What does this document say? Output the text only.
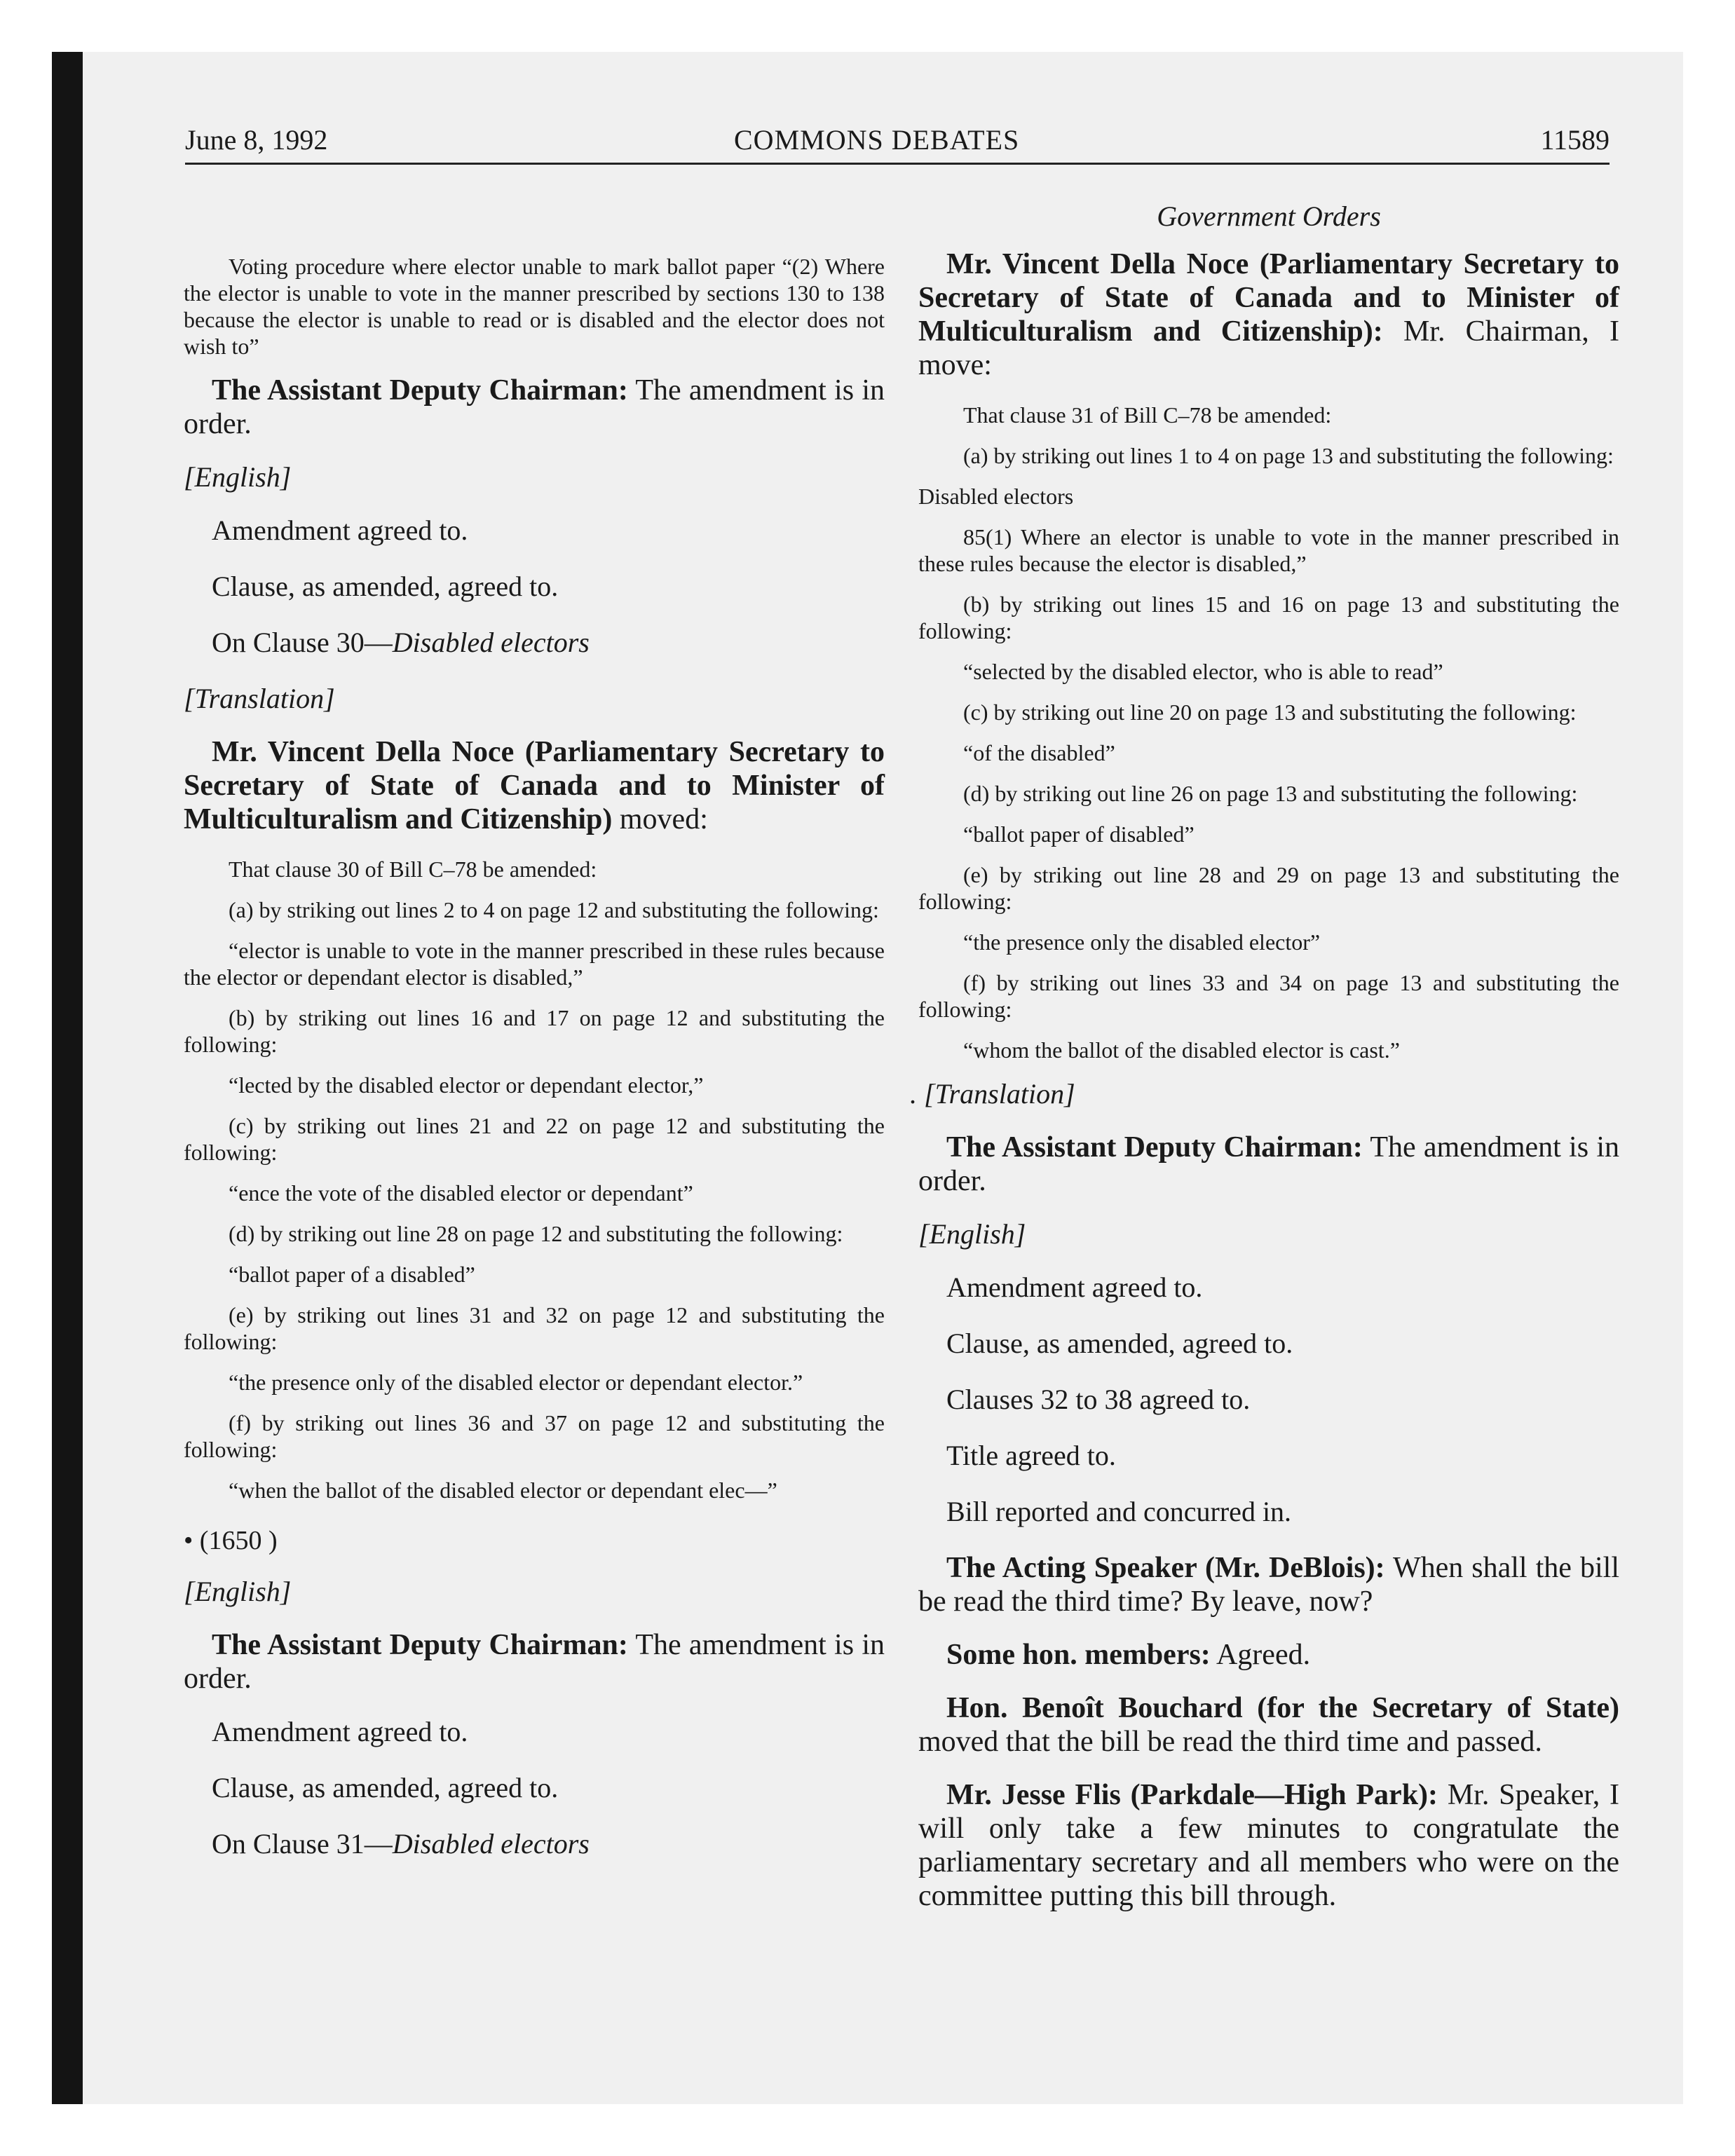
June 8, 1992	COMMONS DEBATES	11589

Voting procedure where elector unable to mark ballot paper “(2) Where the elector is unable to vote in the manner prescribed by sections 130 to 138 because the elector is unable to read or is disabled and the elector does not wish to”

The Assistant Deputy Chairman: The amendment is in order.

[English]

Amendment agreed to.

Clause, as amended, agreed to.

On Clause 30—Disabled electors

[Translation]

Mr. Vincent Della Noce (Parliamentary Secretary to Secretary of State of Canada and to Minister of Multiculturalism and Citizenship) moved:

That clause 30 of Bill C–78 be amended:

(a) by striking out lines 2 to 4 on page 12 and substituting the following:

“elector is unable to vote in the manner prescribed in these rules because the elector or dependant elector is disabled,”

(b) by striking out lines 16 and 17 on page 12 and substituting the following:

“lected by the disabled elector or dependant elector,”

(c) by striking out lines 21 and 22 on page 12 and substituting the following:

“ence the vote of the disabled elector or dependant”

(d) by striking out line 28 on page 12 and substituting the following:

“ballot paper of a disabled”

(e) by striking out lines 31 and 32 on page 12 and substituting the following:

“the presence only of the disabled elector or dependant elector.”

(f) by striking out lines 36 and 37 on page 12 and substituting the following:

“when the ballot of the disabled elector or dependant elec—”

• (1650 )

[English]

The Assistant Deputy Chairman: The amendment is in order.

Amendment agreed to.

Clause, as amended, agreed to.

On Clause 31—Disabled electors

Government Orders

Mr. Vincent Della Noce (Parliamentary Secretary to Secretary of State of Canada and to Minister of Multiculturalism and Citizenship): Mr. Chairman, I move:

That clause 31 of Bill C–78 be amended:

(a) by striking out lines 1 to 4 on page 13 and substituting the following:

Disabled electors

85(1) Where an elector is unable to vote in the manner prescribed in these rules because the elector is disabled,”

(b) by striking out lines 15 and 16 on page 13 and substituting the following:

“selected by the disabled elector, who is able to read”

(c) by striking out line 20 on page 13 and substituting the following:

“of the disabled”

(d) by striking out line 26 on page 13 and substituting the following:

“ballot paper of disabled”

(e) by striking out line 28 and 29 on page 13 and substituting the following:

“the presence only the disabled elector”

(f) by striking out lines 33 and 34 on page 13 and substituting the following:

“whom the ballot of the disabled elector is cast.”

. [Translation]

The Assistant Deputy Chairman: The amendment is in order.

[English]

Amendment agreed to.

Clause, as amended, agreed to.

Clauses 32 to 38 agreed to.

Title agreed to.

Bill reported and concurred in.

The Acting Speaker (Mr. DeBlois): When shall the bill be read the third time? By leave, now?

Some hon. members: Agreed.

Hon. Benoît Bouchard (for the Secretary of State) moved that the bill be read the third time and passed.

Mr. Jesse Flis (Parkdale—High Park): Mr. Speaker, I will only take a few minutes to congratulate the parliamentary secretary and all members who were on the committee putting this bill through.
